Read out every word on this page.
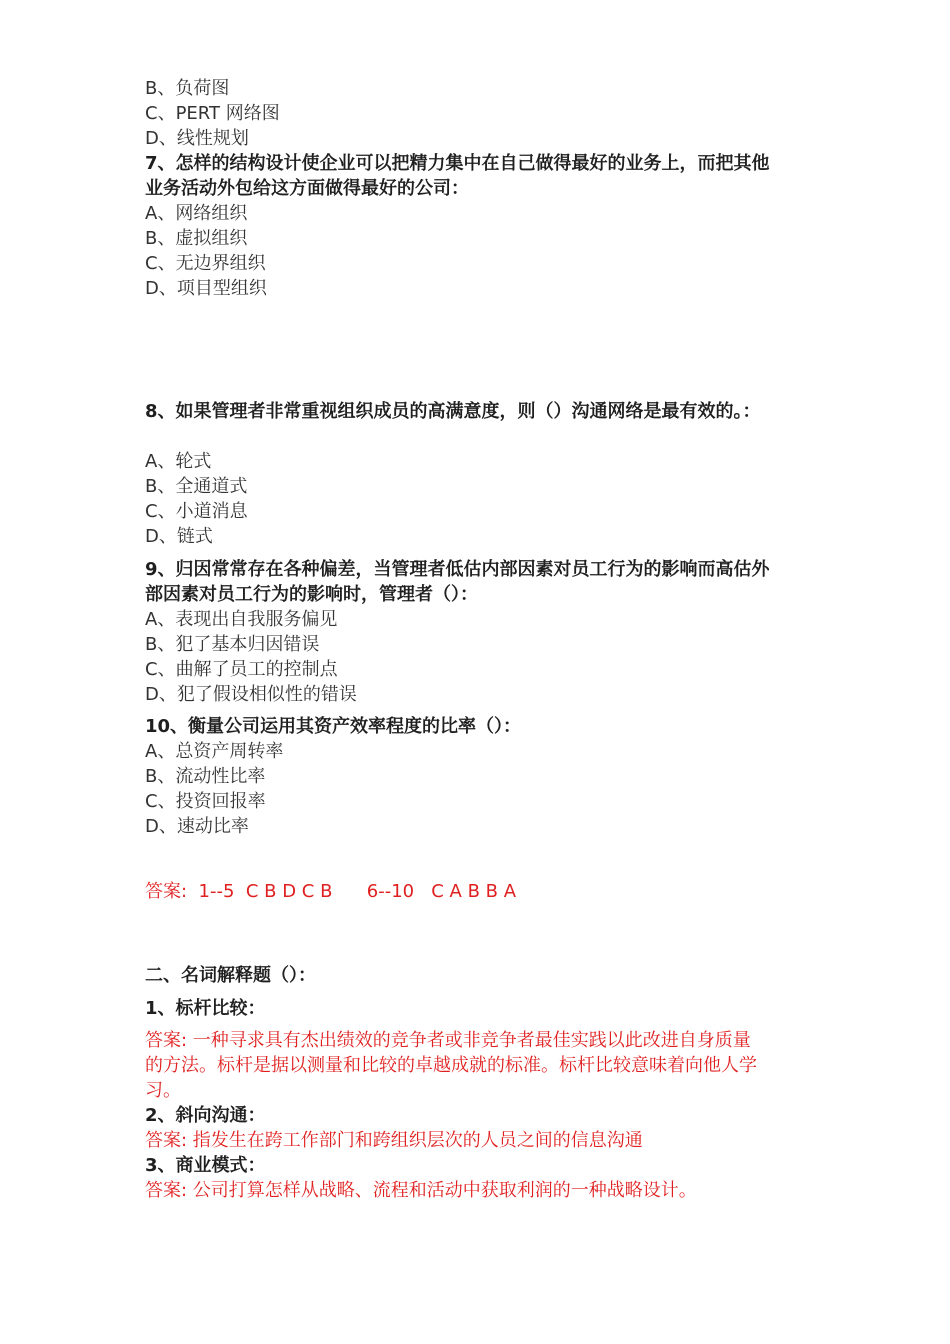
B、负荷图
C、PERT 网络图
D、线性规划
7、怎样的结构设计使企业可以把精力集中在自己做得最好的业务上，而把其他
业务活动外包给这方面做得最好的公司：
A、网络组织
B、虚拟组织
C、无边界组织
D、项目型组织
8、如果管理者非常重视组织成员的高满意度，则（）沟通网络是最有效的。：
A、轮式
B、全通道式
C、小道消息
D、链式
9、归因常常存在各种偏差，当管理者低估内部因素对员工行为的影响而高估外
部因素对员工行为的影响时，管理者（）：
A、表现出自我服务偏见
B、犯了基本归因错误
C、曲解了员工的控制点
D、犯了假设相似性的错误
10、衡量公司运用其资产效率程度的比率（）：
A、总资产周转率
B、流动性比率
C、投资回报率
D、速动比率
答案:  1--5  C B D C B      6--10   C A B B A
二、名词解释题（）：
1、标杆比较：
答案: 一种寻求具有杰出绩效的竞争者或非竞争者最佳实践以此改进自身质量
的方法。标杆是据以测量和比较的卓越成就的标准。标杆比较意味着向他人学
习。
2、斜向沟通：
答案: 指发生在跨工作部门和跨组织层次的人员之间的信息沟通
3、商业模式：
答案: 公司打算怎样从战略、流程和活动中获取利润的一种战略设计。
